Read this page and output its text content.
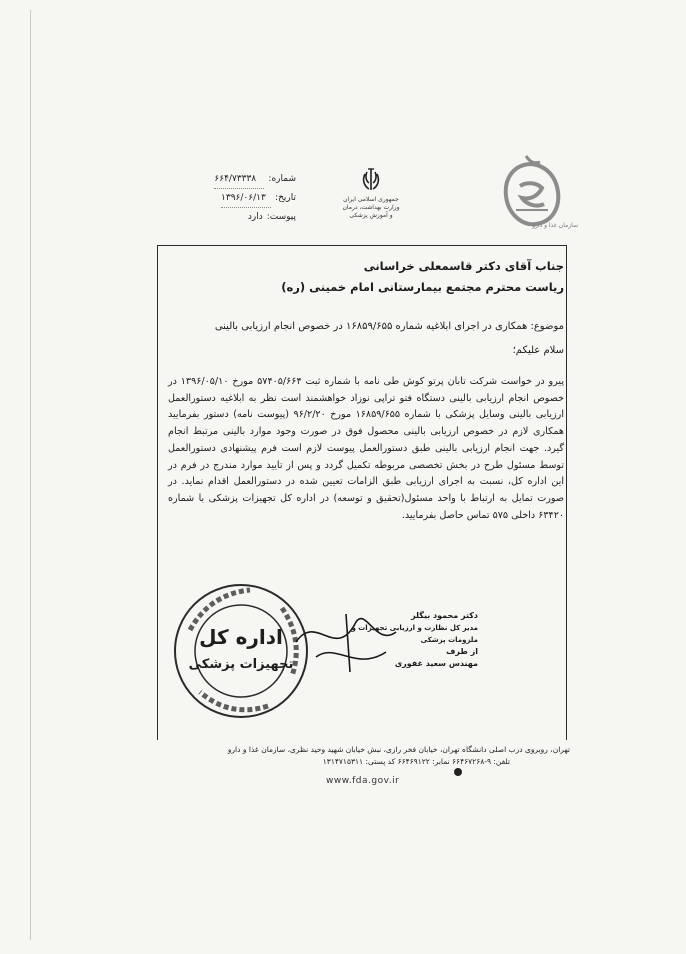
سازمان غذا و دارو
جمهوری اسلامی ایران
وزارت بهداشت، درمان
و آموزش پزشکی
شماره:
۶۶۴/۷۳۳۳۸
تاریخ:
۱۳۹۶/۰۶/۱۳
پیوست:
دارد
جناب آقای دکتر قاسمعلی خراسانی
ریاست محترم مجتمع بیمارستانی امام خمینی (ره)
موضوع: همکاری در اجرای ابلاغیه شماره ۱۶۸۵۹/۶۵۵ در خصوص انجام ارزیابی بالینی
سلام علیکم؛
پیرو در خواست شرکت تابان پرتو کوش طی نامه با شماره ثبت ۵۷۴۰۵/۶۶۴ مورخ ۱۳۹۶/۰۵/۱۰ در خصوص انجام ارزیابی بالینی دستگاه فتو تراپی نوزاد خواهشمند است نظر به ابلاغیه دستورالعمل ارزیابی بالینی وسایل پزشکی با شماره ۱۶۸۵۹/۶۵۵ مورخ ۹۶/۲/۲۰ (پیوست نامه) دستور بفرمایید همکاری لازم در خصوص ارزیابی بالینی محصول فوق در صورت وجود موارد بالینی مرتبط انجام گیرد. جهت انجام ارزیابی بالینی طبق دستورالعمل پیوست لازم است فرم پیشنهادی دستورالعمل توسط مسئول طرح در بخش تخصصی مربوطه تکمیل گردد و پس از تایید موارد مندرج در فرم در این اداره کل، نسبت به اجرای ارزیابی طبق الزامات تعیین شده در دستورالعمل اقدام نماید. در صورت تمایل به ارتباط با واحد مسئول(تحقیق و توسعه) در اداره کل تجهیزات پزشکی با شماره ۶۳۴۲۰ داخلی ۵۷۵ تماس حاصل بفرمایید.
اداره کل
تجهیزات پزشکی
دکتر محمود بیگلر
مدیر کل نظارت و ارزیابی تجهیزات و ملزومات پزشکی
از طرف
مهندس سعید غفوری
تهران، روبروی درب اصلی دانشگاه تهران، خیابان فخر رازی، نبش خیابان شهید وحید نظری، سازمان غذا و دارو
تلفن: ۹-۶۶۴۶۷۲۶۸ نمابر: ۶۶۴۶۹۱۲۲ کد پستی: ۱۳۱۴۷۱۵۳۱۱
www.fda.gov.ir
